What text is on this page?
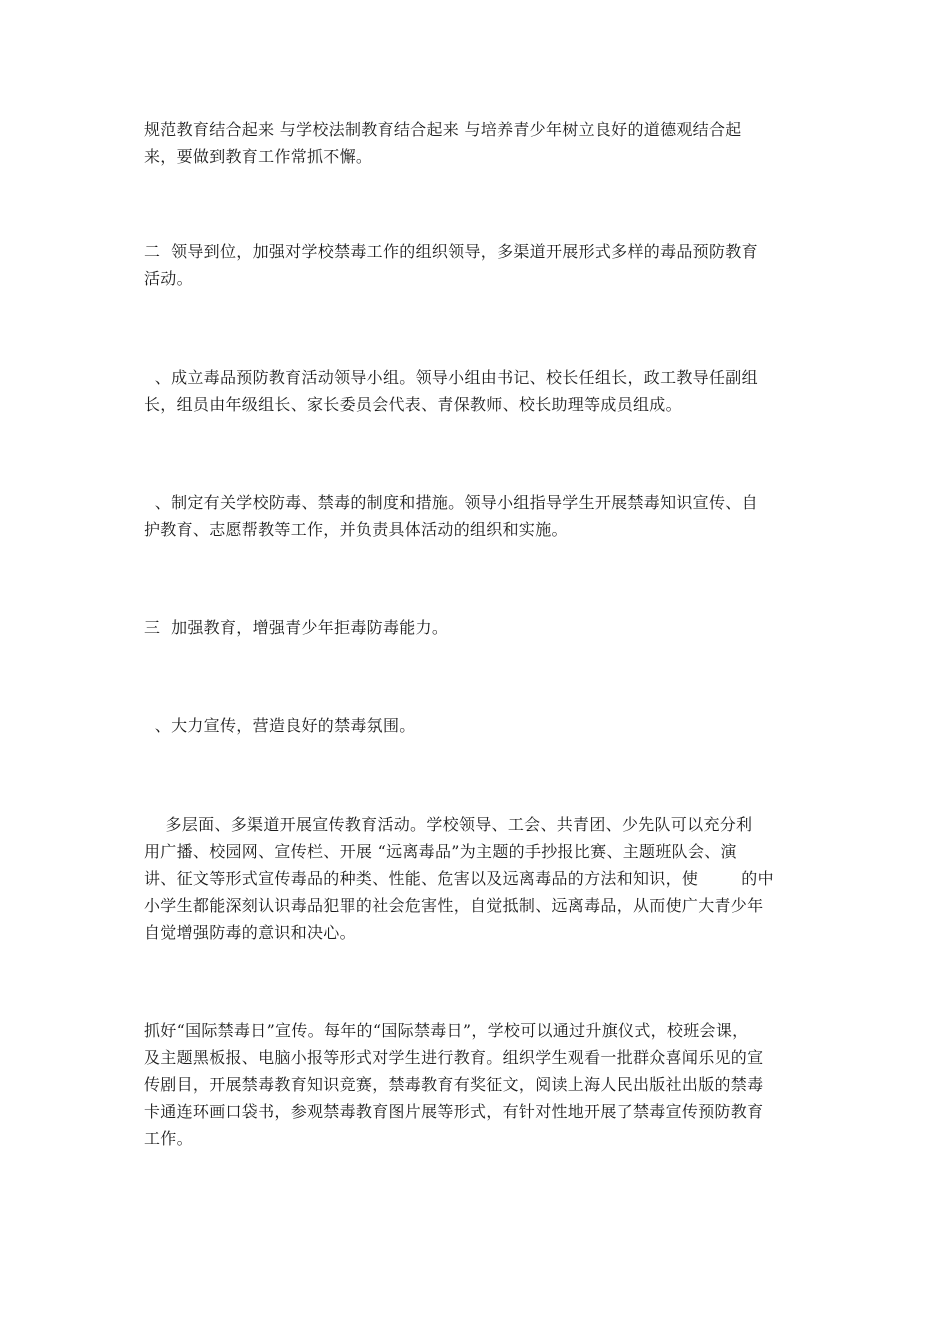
规范教育结合起来 与学校法制教育结合起来 与培养青少年树立良好的道德观结合起
来，要做到教育工作常抓不懈。
二  领导到位，加强对学校禁毒工作的组织领导，多渠道开展形式多样的毒品预防教育
活动。
、成立毒品预防教育活动领导小组。领导小组由书记、校长任组长，政工教导任副组
长，组员由年级组长、家长委员会代表、青保教师、校长助理等成员组成。
、制定有关学校防毒、禁毒的制度和措施。领导小组指导学生开展禁毒知识宣传、自
护教育、志愿帮教等工作，并负责具体活动的组织和实施。
三  加强教育，增强青少年拒毒防毒能力。
、大力宣传，营造良好的禁毒氛围。
多层面、多渠道开展宣传教育活动。学校领导、工会、共青团、少先队可以充分利
用广播、校园网、宣传栏、开展 “远离毒品”为主题的手抄报比赛、主题班队会、演
讲、征文等形式宣传毒品的种类、性能、危害以及远离毒品的方法和知识，使        的中
小学生都能深刻认识毒品犯罪的社会危害性，自觉抵制、远离毒品，从而使广大青少年
自觉增强防毒的意识和决心。
抓好“国际禁毒日”宣传。每年的“国际禁毒日”，学校可以通过升旗仪式，校班会课，
及主题黑板报、电脑小报等形式对学生进行教育。组织学生观看一批群众喜闻乐见的宣
传剧目，开展禁毒教育知识竞赛，禁毒教育有奖征文，阅读上海人民出版社出版的禁毒
卡通连环画口袋书，参观禁毒教育图片展等形式，有针对性地开展了禁毒宣传预防教育
工作。
